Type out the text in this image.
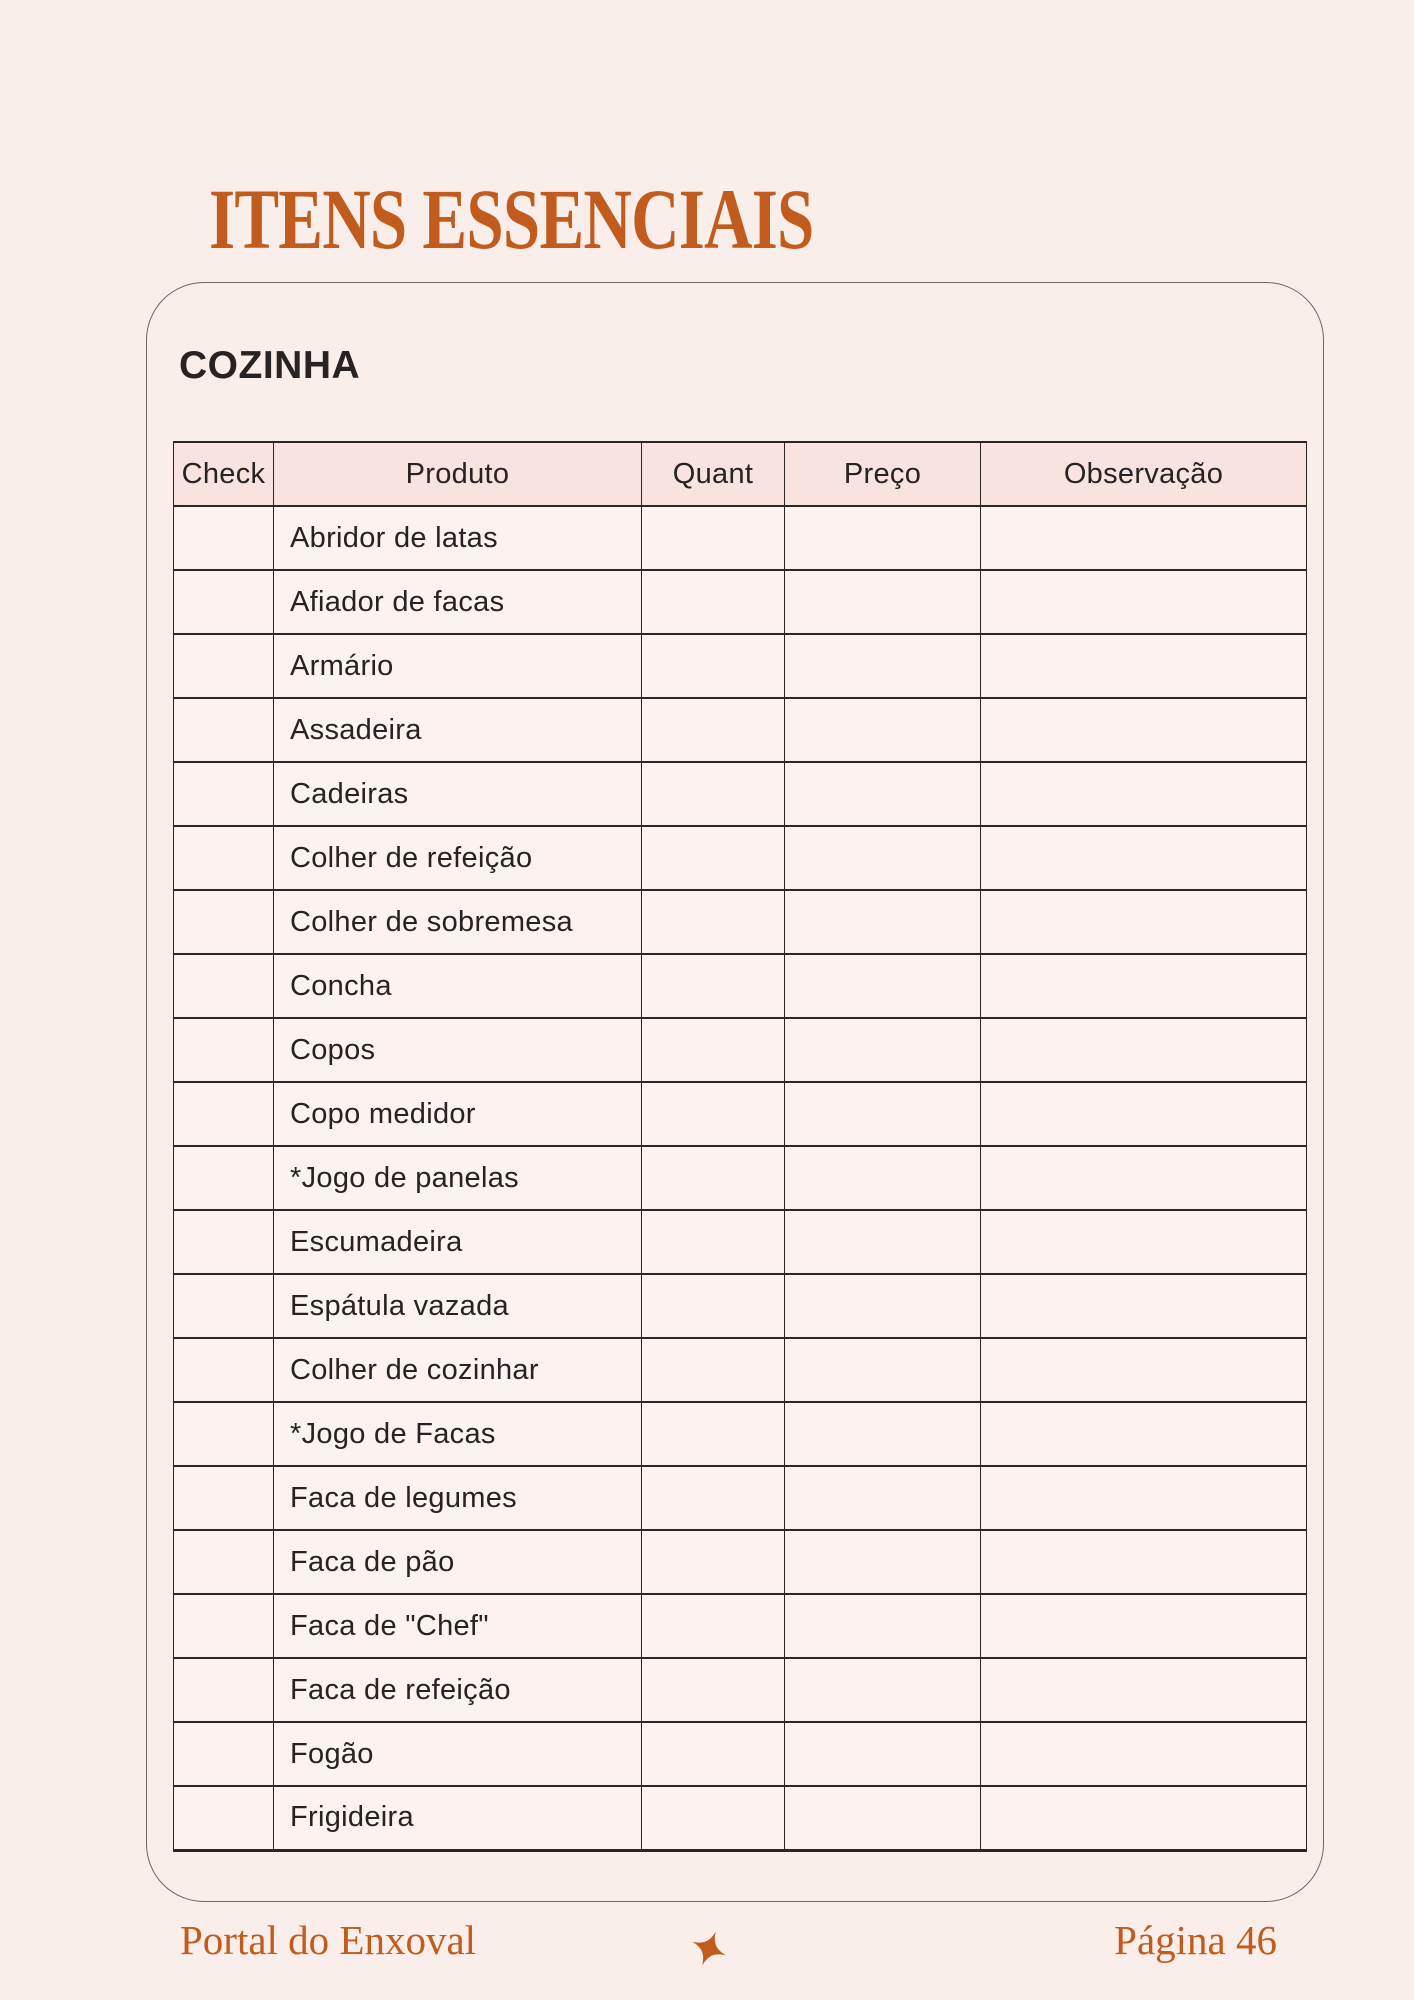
ITENS ESSENCIAIS
COZINHA
Check	Produto	Quant	Preço	Observação
	Abridor de latas			
	Afiador de facas			
	Armário			
	Assadeira			
	Cadeiras			
	Colher de refeição			
	Colher de sobremesa			
	Concha			
	Copos			
	Copo medidor			
	*Jogo de panelas			
	Escumadeira			
	Espátula vazada			
	Colher de cozinhar			
	*Jogo de Facas			
	Faca de legumes			
	Faca de pão			
	Faca de "Chef"			
	Faca de refeição			
	Fogão			
	Frigideira			

Portal do Enxoval	Página 46
